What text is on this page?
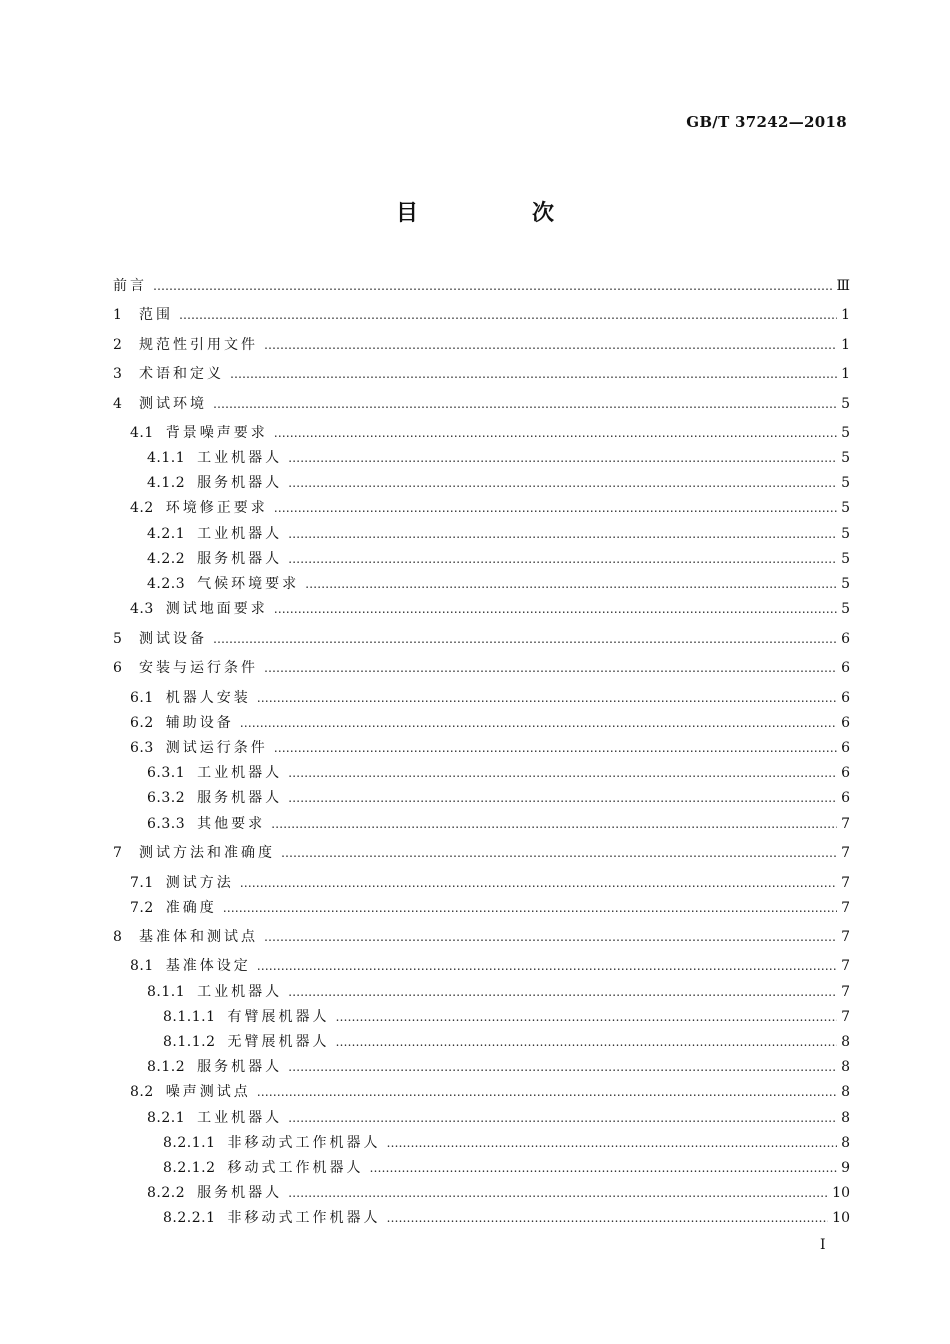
GB/T 37242—2018
目　次
前言 ……………………………………………………………………………………………………………………………………………………………………………………………………………………………………………………	Ⅲ
1	范围 ……………………………………………………………………………………………………………………………………………………………………………………………………………………………………………………	1
2	规范性引用文件 ……………………………………………………………………………………………………………………………………………………………………………………………………………………………………………………	1
3	术语和定义 ……………………………………………………………………………………………………………………………………………………………………………………………………………………………………………………	1
4	测试环境 ……………………………………………………………………………………………………………………………………………………………………………………………………………………………………………………	5
4.1 背景噪声要求 ……………………………………………………………………………………………………………………………………………………………………………………………………………………………………………………	5
4.1.1 工业机器人 ……………………………………………………………………………………………………………………………………………………………………………………………………………………………………………………	5
4.1.2 服务机器人 ……………………………………………………………………………………………………………………………………………………………………………………………………………………………………………………	5
4.2 环境修正要求 ……………………………………………………………………………………………………………………………………………………………………………………………………………………………………………………	5
4.2.1 工业机器人 ……………………………………………………………………………………………………………………………………………………………………………………………………………………………………………………	5
4.2.2 服务机器人 ……………………………………………………………………………………………………………………………………………………………………………………………………………………………………………………	5
4.2.3 气候环境要求 ……………………………………………………………………………………………………………………………………………………………………………………………………………………………………………………	5
4.3 测试地面要求 ……………………………………………………………………………………………………………………………………………………………………………………………………………………………………………………	5
5	测试设备 ……………………………………………………………………………………………………………………………………………………………………………………………………………………………………………………	6
6	安装与运行条件 ……………………………………………………………………………………………………………………………………………………………………………………………………………………………………………………	6
6.1 机器人安装 ……………………………………………………………………………………………………………………………………………………………………………………………………………………………………………………	6
6.2 辅助设备 ……………………………………………………………………………………………………………………………………………………………………………………………………………………………………………………	6
6.3 测试运行条件 ……………………………………………………………………………………………………………………………………………………………………………………………………………………………………………………	6
6.3.1 工业机器人 ……………………………………………………………………………………………………………………………………………………………………………………………………………………………………………………	6
6.3.2 服务机器人 ……………………………………………………………………………………………………………………………………………………………………………………………………………………………………………………	6
6.3.3 其他要求 ……………………………………………………………………………………………………………………………………………………………………………………………………………………………………………………	7
7	测试方法和准确度 ……………………………………………………………………………………………………………………………………………………………………………………………………………………………………………………	7
7.1 测试方法 ……………………………………………………………………………………………………………………………………………………………………………………………………………………………………………………	7
7.2 准确度 ……………………………………………………………………………………………………………………………………………………………………………………………………………………………………………………	7
8	基准体和测试点 ……………………………………………………………………………………………………………………………………………………………………………………………………………………………………………………	7
8.1 基准体设定 ……………………………………………………………………………………………………………………………………………………………………………………………………………………………………………………	7
8.1.1 工业机器人 ……………………………………………………………………………………………………………………………………………………………………………………………………………………………………………………	7
8.1.1.1 有臂展机器人 ……………………………………………………………………………………………………………………………………………………………………………………………………………………………………………………	7
8.1.1.2 无臂展机器人 ……………………………………………………………………………………………………………………………………………………………………………………………………………………………………………………	8
8.1.2 服务机器人 ……………………………………………………………………………………………………………………………………………………………………………………………………………………………………………………	8
8.2 噪声测试点 ……………………………………………………………………………………………………………………………………………………………………………………………………………………………………………………	8
8.2.1 工业机器人 ……………………………………………………………………………………………………………………………………………………………………………………………………………………………………………………	8
8.2.1.1 非移动式工作机器人 ……………………………………………………………………………………………………………………………………………………………………………………………………………………………………………………	8
8.2.1.2 移动式工作机器人 ……………………………………………………………………………………………………………………………………………………………………………………………………………………………………………………	9
8.2.2 服务机器人 ……………………………………………………………………………………………………………………………………………………………………………………………………………………………………………………	10
8.2.2.1 非移动式工作机器人 ……………………………………………………………………………………………………………………………………………………………………………………………………………………………………………………	10
Ⅰ
